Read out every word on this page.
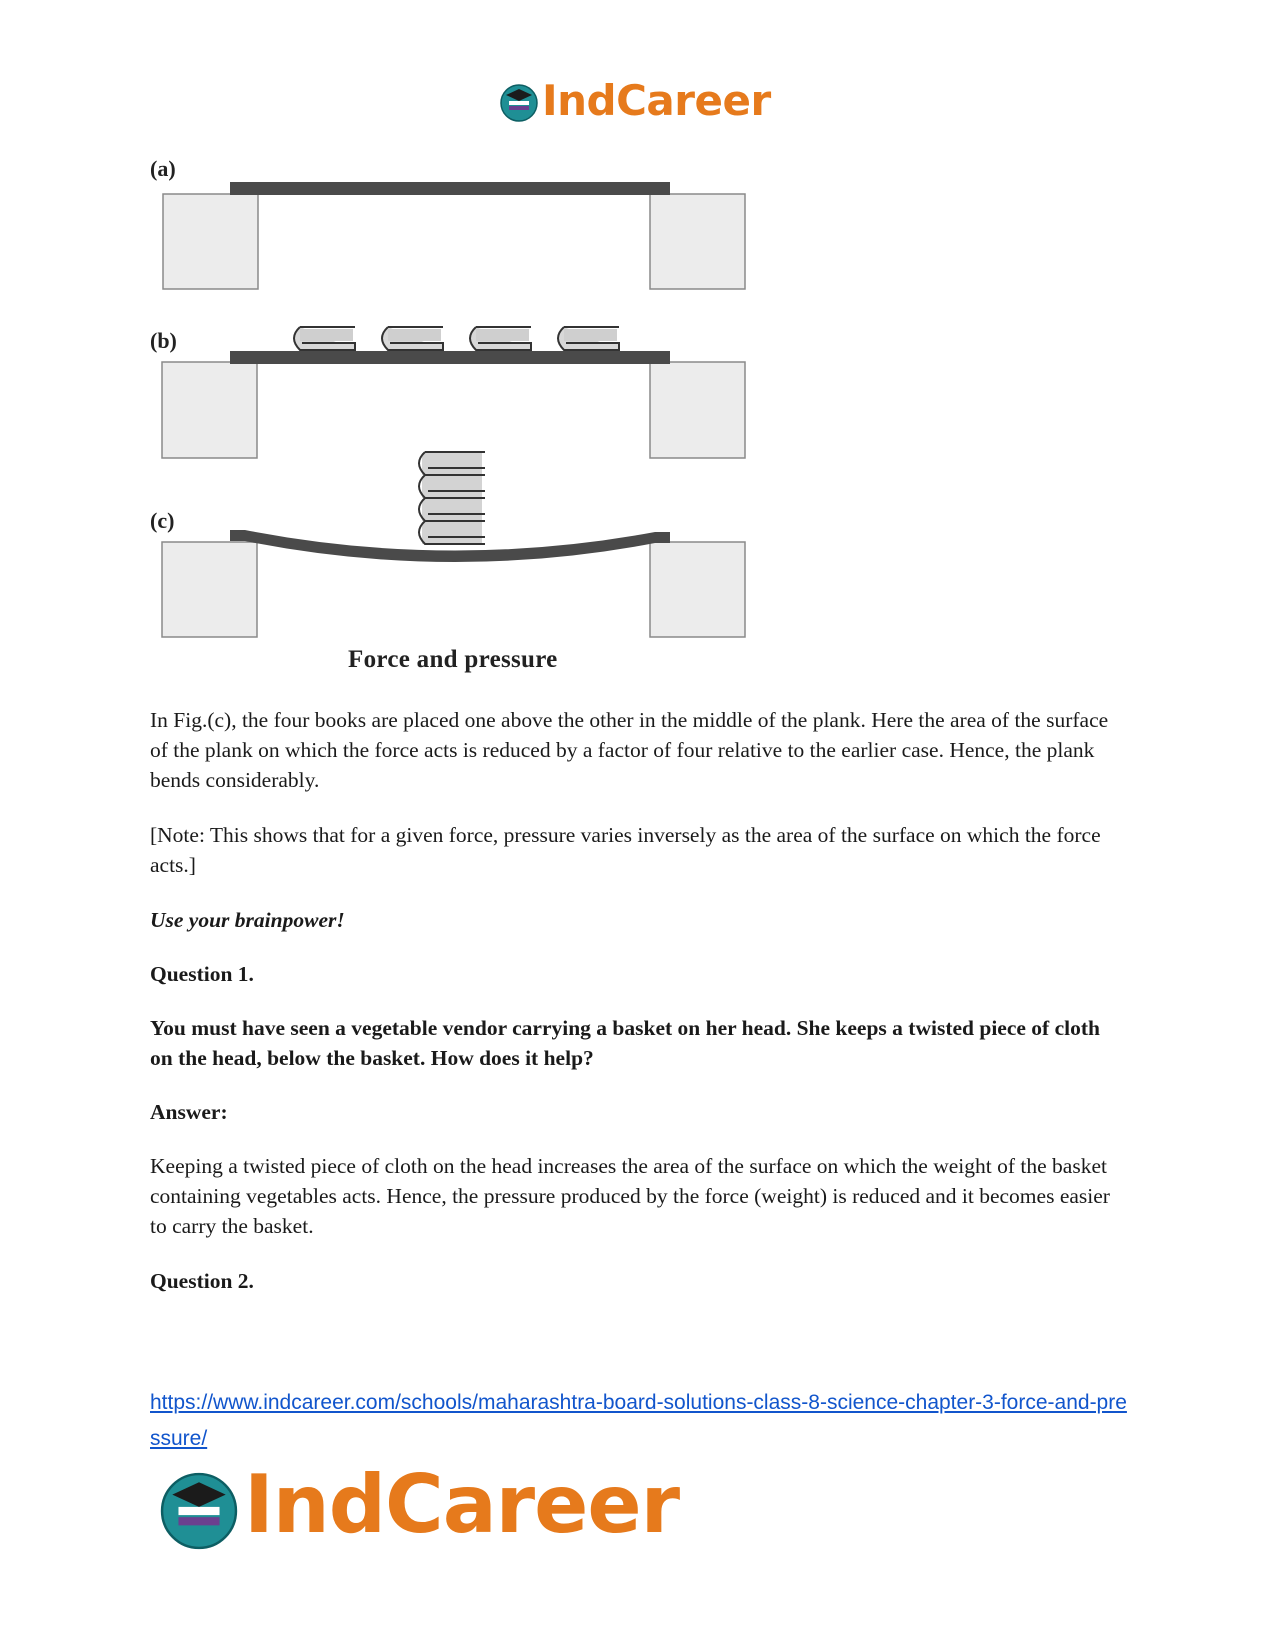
IndCareer
(a)
(b)
(c)
Force and pressure

In Fig.(c), the four books are placed one above the other in the middle of the plank. Here the area of the surface of the plank on which the force acts is reduced by a factor of four relative to the earlier case. Hence, the plank bends considerably.

[Note: This shows that for a given force, pressure varies inversely as the area of the surface on which the force acts.]

Use your brainpower!

Question 1.

You must have seen a vegetable vendor carrying a basket on her head. She keeps a twisted piece of cloth on the head, below the basket. How does it help?

Answer:

Keeping a twisted piece of cloth on the head increases the area of the surface on which the weight of the basket containing vegetables acts. Hence, the pressure produced by the force (weight) is reduced and it becomes easier to carry the basket.

Question 2.

https://www.indcareer.com/schools/maharashtra-board-solutions-class-8-science-chapter-3-force-and-pressure/

IndCareer
